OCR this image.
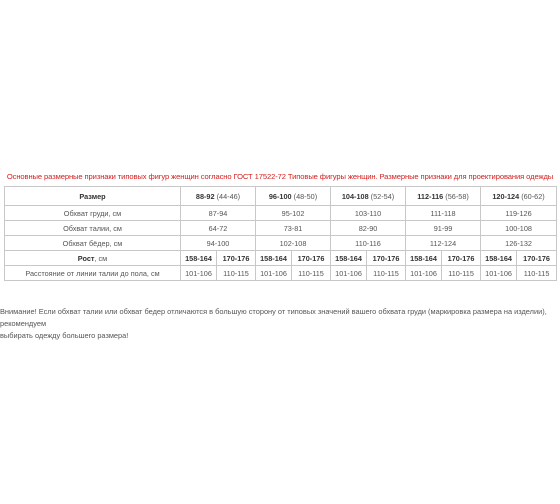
Основные размерные признаки типовых фигур женщин согласно ГОСТ 17522-72 Типовые фигуры женщин. Размерные признаки для проектирования одежды
Размер	88-92 (44-46)		96-100 (48-50)		104-108 (52-54)		112-116 (56-58)		120-124 (60-62)	
Обхват груди, см	87-94		95-102		103-110		111-118		119-126	
Обхват талии, см	64-72		73-81		82-90		91-99		100-108	
Обхват бёдер, см	94-100		102-108		110-116		112-124		126-132	
Рост, см	158-164	170-176	158-164	170-176	158-164	170-176	158-164	170-176	158-164	170-176
Расстояние от линии талии до пола, см	101-106	110-115	101-106	110-115	101-106	110-115	101-106	110-115	101-106	110-115
Внимание! Если обхват талии или обхват бедер отличаются в большую сторону от типовых значений вашего обхвата груди (маркировка размера на изделии), рекомендуем
выбирать одежду большего размера!
